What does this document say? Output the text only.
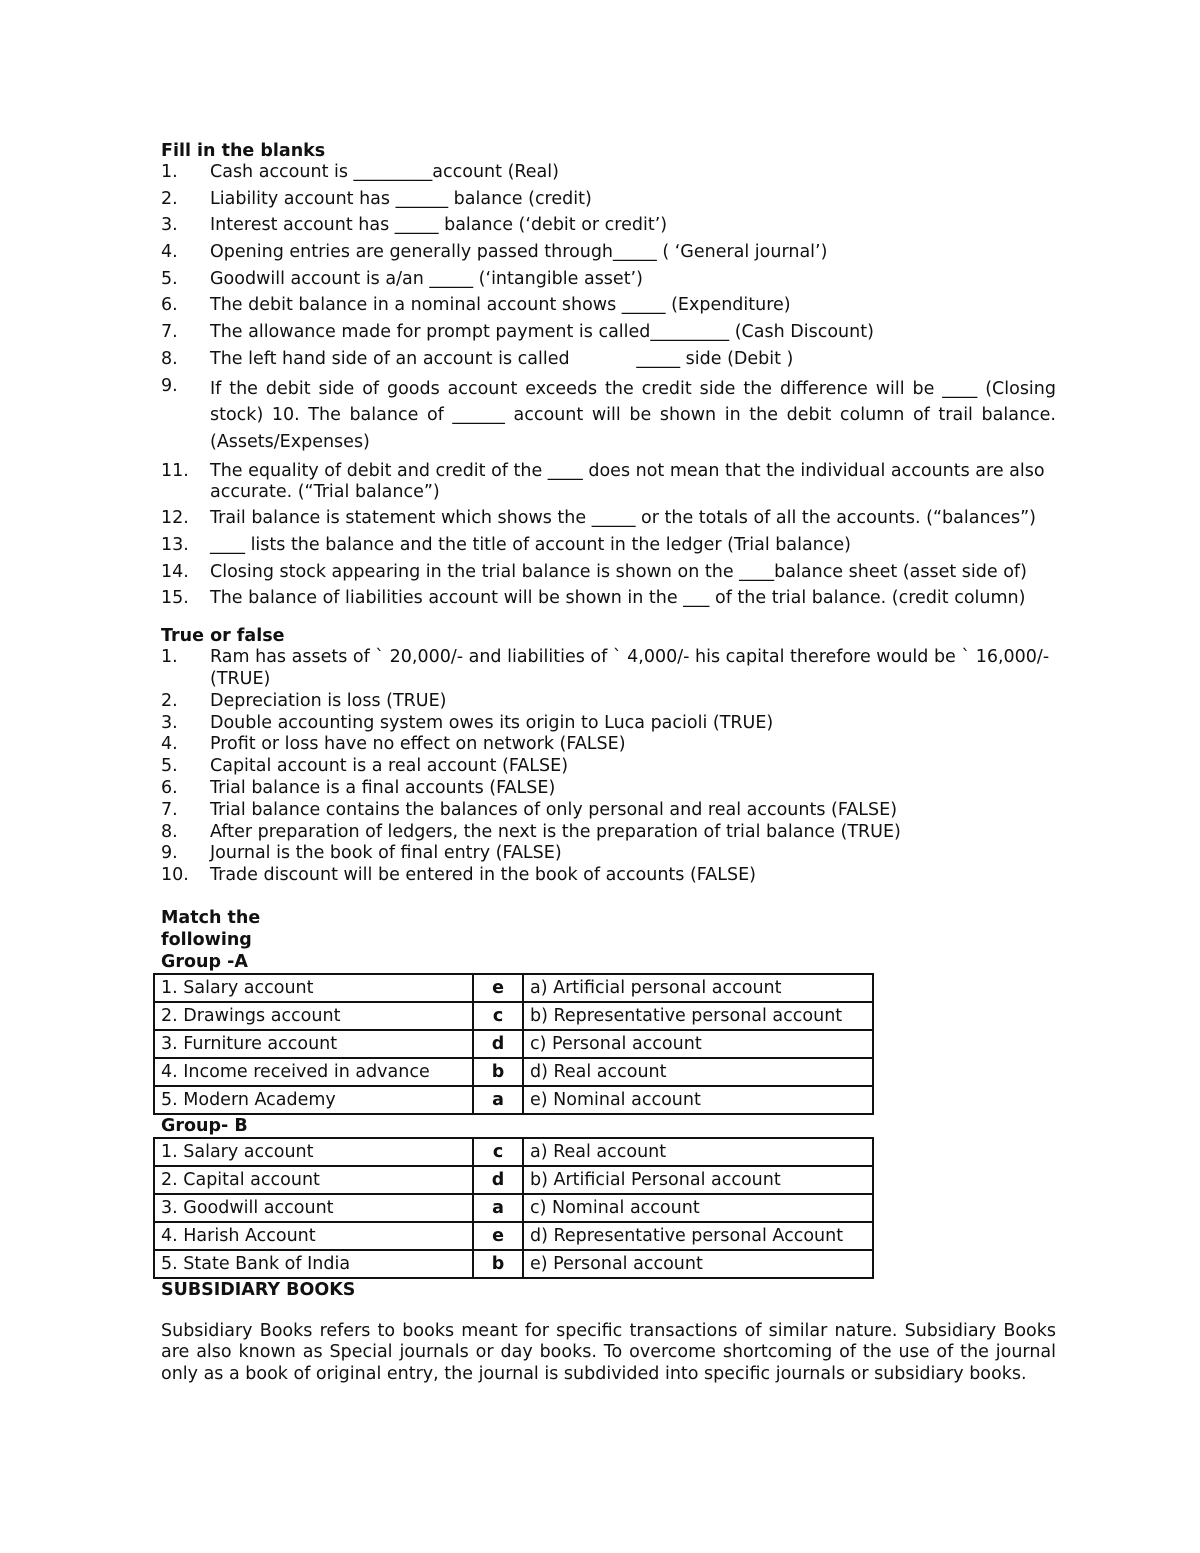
Fill in the blanks
1.	Cash account is _________account (Real)
2.	Liability account has ______ balance (credit)
3.	Interest account has _____ balance (‘debit or credit’)
4.	Opening entries are generally passed through_____ ( ‘General journal’)
5.	Goodwill account is a/an _____ (‘intangible asset’)
6.	The debit balance in a nominal account shows _____ (Expenditure)
7.	The allowance made for prompt payment is called_________ (Cash Discount)
8.	The left hand side of an account is called            _____ side (Debit )
9.	If the debit side of goods account exceeds the credit side the difference will be ____ (Closing stock) 10. The balance of ______ account will be shown in the debit column of trail balance. (Assets/Expenses)
11.	The equality of debit and credit of the ____ does not mean that the individual accounts are also accurate. (“Trial balance”)
12.	Trail balance is statement which shows the _____ or the totals of all the accounts. (“balances”)
13.	____ lists the balance and the title of account in the ledger (Trial balance)
14.	Closing stock appearing in the trial balance is shown on the ____balance sheet (asset side of)
15.	The balance of liabilities account will be shown in the ___ of the trial balance. (credit column)
True or false
1.	Ram has assets of ` 20,000/- and liabilities of ` 4,000/- his capital therefore would be ` 16,000/- (TRUE)
2.	Depreciation is loss (TRUE)
3.	Double accounting system owes its origin to Luca pacioli (TRUE)
4.	Profit or loss have no effect on network (FALSE)
5.	Capital account is a real account (FALSE)
6.	Trial balance is a final accounts (FALSE)
7.	Trial balance contains the balances of only personal and real accounts (FALSE)
8.	After preparation of ledgers, the next is the preparation of trial balance (TRUE)
9.	Journal is the book of final entry (FALSE)
10.	Trade discount will be entered in the book of accounts (FALSE)
Match the
following
Group -A
1. Salary account	e	a) Artificial personal account
2. Drawings account	c	b) Representative personal account
3. Furniture account	d	c) Personal account
4. Income received in advance	b	d) Real account
5. Modern Academy	a	e) Nominal account
Group- B
1. Salary account	c	a) Real account
2. Capital account	d	b) Artificial Personal account
3. Goodwill account	a	c) Nominal account
4. Harish Account	e	d) Representative personal Account
5. State Bank of India	b	e) Personal account
SUBSIDIARY BOOKS
Subsidiary Books refers to books meant for specific transactions of similar nature. Subsidiary Books are also known as Special journals or day books. To overcome shortcoming of the use of the journal only as a book of original entry, the journal is subdivided into specific journals or subsidiary books.
